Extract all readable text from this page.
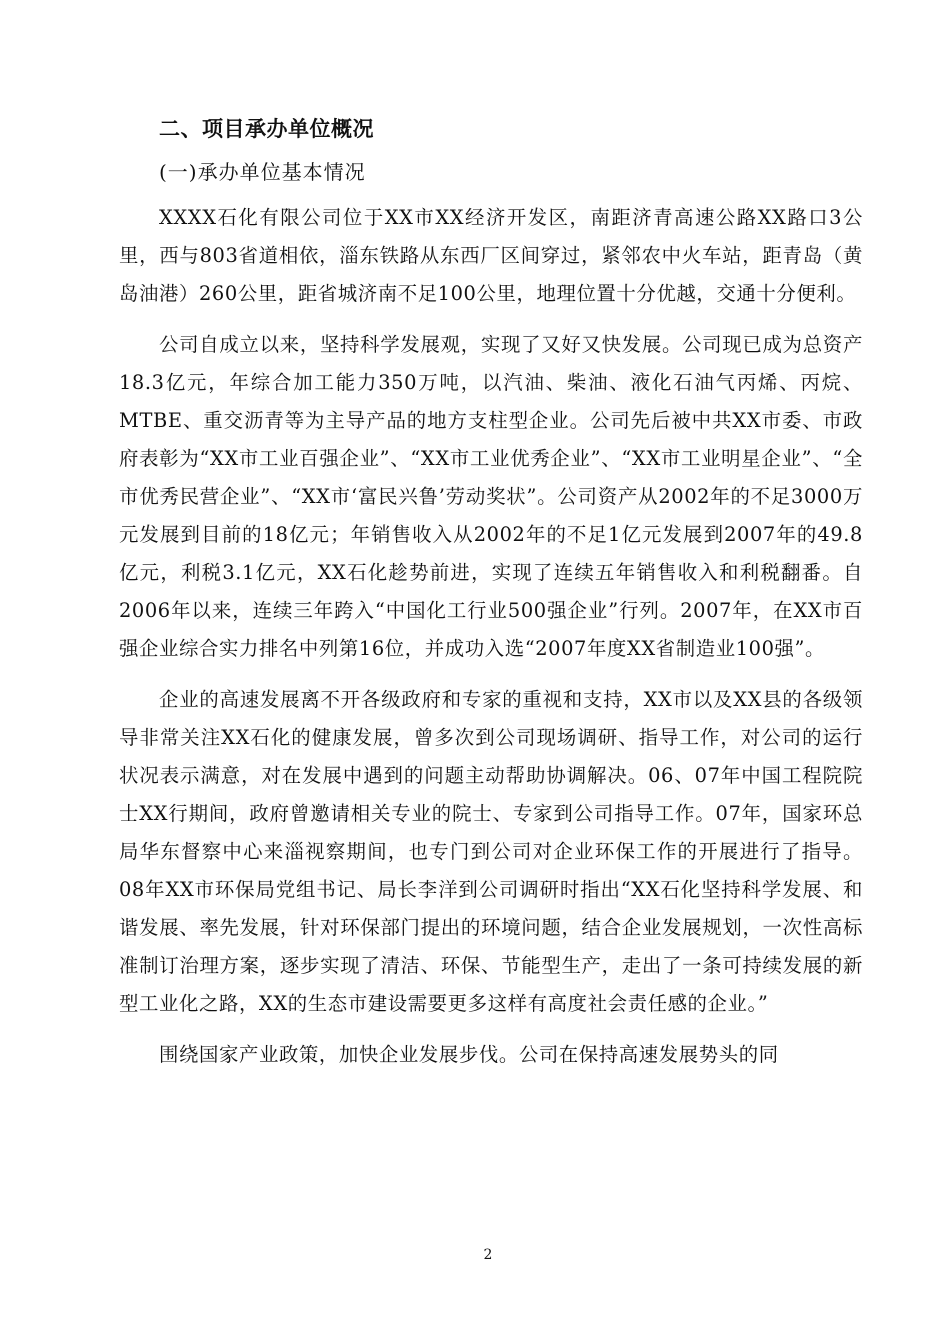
二、项目承办单位概况
(一)承办单位基本情况

XXXX石化有限公司位于XX市XX经济开发区，南距济青高速公路XX路口3公里，西与803省道相依，淄东铁路从东西厂区间穿过，紧邻农中火车站，距青岛（黄岛油港）260公里，距省城济南不足100公里，地理位置十分优越，交通十分便利。

公司自成立以来，坚持科学发展观，实现了又好又快发展。公司现已成为总资产18.3亿元，年综合加工能力350万吨，以汽油、柴油、液化石油气丙烯、丙烷、MTBE、重交沥青等为主导产品的地方支柱型企业。公司先后被中共XX市委、市政府表彰为“XX市工业百强企业”、“XX市工业优秀企业”、“XX市工业明星企业”、“全市优秀民营企业”、“XX市‘富民兴鲁’劳动奖状”。公司资产从2002年的不足3000万元发展到目前的18亿元；年销售收入从2002年的不足1亿元发展到2007年的49.8亿元，利税3.1亿元，XX石化趁势前进，实现了连续五年销售收入和利税翻番。自2006年以来，连续三年跨入“中国化工行业500强企业”行列。2007年，在XX市百强企业综合实力排名中列第16位，并成功入选“2007年度XX省制造业100强”。

企业的高速发展离不开各级政府和专家的重视和支持，XX市以及XX县的各级领导非常关注XX石化的健康发展，曾多次到公司现场调研、指导工作，对公司的运行状况表示满意，对在发展中遇到的问题主动帮助协调解决。06、07年中国工程院院士XX行期间，政府曾邀请相关专业的院士、专家到公司指导工作。07年，国家环总局华东督察中心来淄视察期间，也专门到公司对企业环保工作的开展进行了指导。08年XX市环保局党组书记、局长李洋到公司调研时指出“XX石化坚持科学发展、和谐发展、率先发展，针对环保部门提出的环境问题，结合企业发展规划，一次性高标准制订治理方案，逐步实现了清洁、环保、节能型生产，走出了一条可持续发展的新型工业化之路，XX的生态市建设需要更多这样有高度社会责任感的企业。”

围绕国家产业政策，加快企业发展步伐。公司在保持高速发展势头的同

2
